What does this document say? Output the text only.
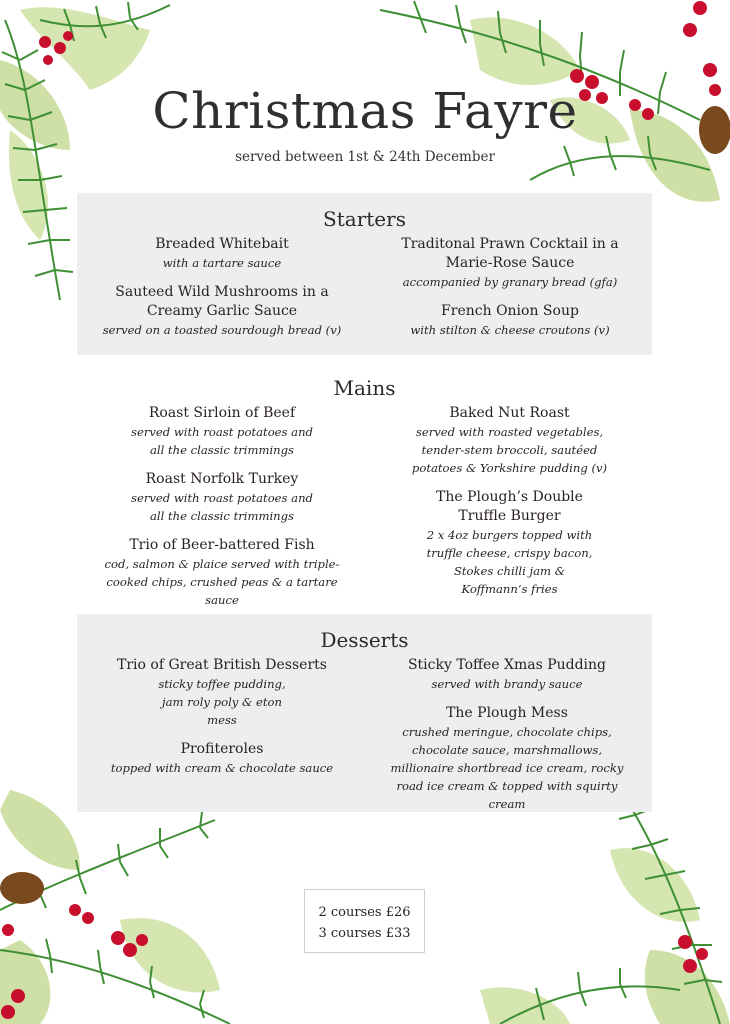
Christmas Fayre
served between 1st & 24th December
Starters
Breaded Whitebait
with a tartare sauce
Sauteed Wild Mushrooms in a Creamy Garlic Sauce
served on a toasted sourdough bread (v)
Traditonal Prawn Cocktail in a Marie-Rose Sauce
accompanied by granary bread (gfa)
French Onion Soup
with stilton & cheese croutons (v)
Mains
Roast Sirloin of Beef
served with roast potatoes and all the classic trimmings
Roast Norfolk Turkey
served with roast potatoes and all the classic trimmings
Trio of Beer-battered Fish
cod, salmon & plaice served with triple-cooked chips, crushed peas & a tartare sauce
Baked Nut Roast
served with roasted vegetables, tender-stem broccoli, sautéed potatoes & Yorkshire pudding (v)
The Plough’s Double Truffle Burger
2 x 4oz burgers topped with truffle cheese, crispy bacon, Stokes chilli jam & Koffmann’s fries
Desserts
Trio of Great British Desserts
sticky toffee pudding, jam roly poly & eton mess
Profiteroles
topped with cream & chocolate sauce
Sticky Toffee Xmas Pudding
served with brandy sauce
The Plough Mess
crushed meringue, chocolate chips, chocolate sauce, marshmallows, millionaire shortbread ice cream, rocky road ice cream & topped with squirty cream
2 courses £26
3 courses £33
